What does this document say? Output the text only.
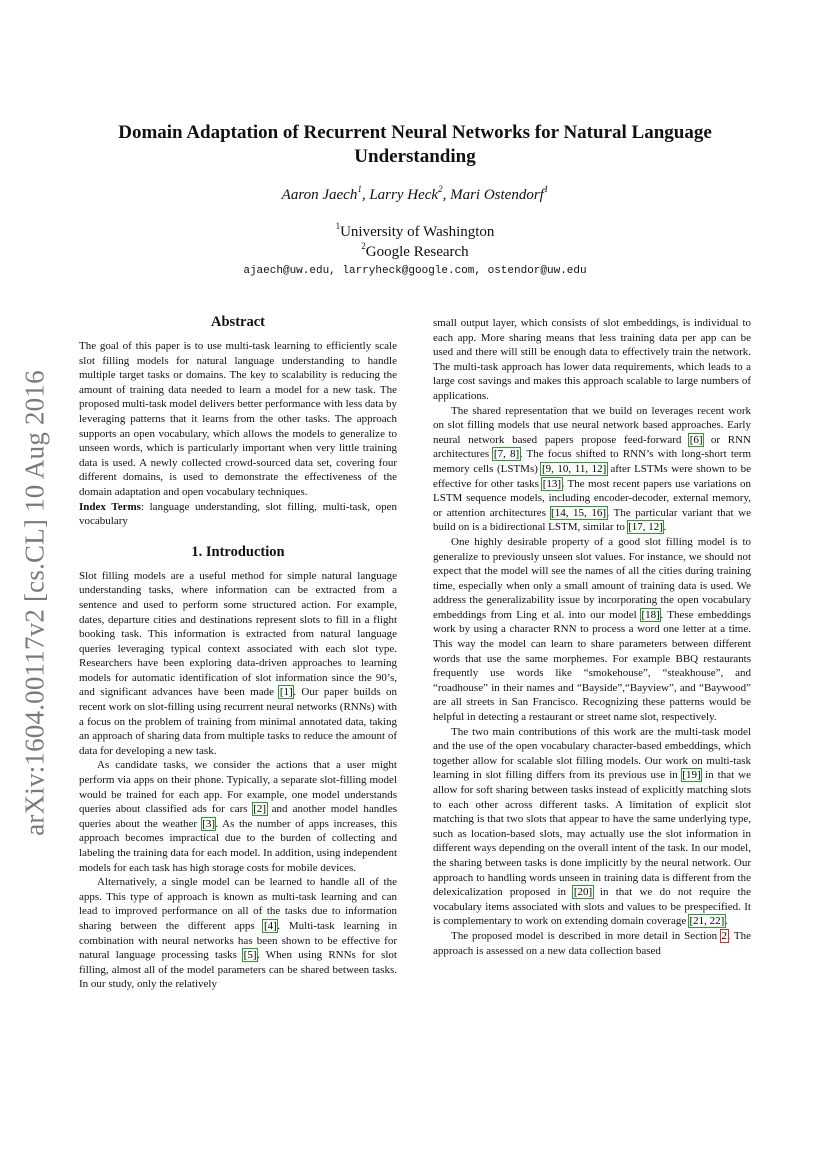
arXiv:1604.00117v2 [cs.CL] 10 Aug 2016
Domain Adaptation of Recurrent Neural Networks for Natural Language
Understanding
Aaron Jaech$^1$, Larry Heck$^2$, Mari Ostendorf$^1$
$^1$University of Washington
$^2$Google Research
ajaech@uw.edu, larryheck@google.com, ostendor@uw.edu
Abstract

The goal of this paper is to use multi-task learning to efficiently scale slot filling models for natural language understanding to handle multiple target tasks or domains. The key to scalability is reducing the amount of training data needed to learn a model for a new task. The proposed multi-task model delivers better performance with less data by leveraging patterns that it learns from the other tasks. The approach supports an open vocabulary, which allows the models to generalize to unseen words, which is particularly important when very little training data is used. A newly collected crowd-sourced data set, covering four different domains, is used to demonstrate the effectiveness of the domain adaptation and open vocabulary techniques.

Index Terms: language understanding, slot filling, multi-task, open vocabulary

1. Introduction

Slot filling models are a useful method for simple natural language understanding tasks, where information can be extracted from a sentence and used to perform some structured action. For example, dates, departure cities and destinations represent slots to fill in a flight booking task. This information is extracted from natural language queries leveraging typical context associated with each slot type. Researchers have been exploring data-driven approaches to learning models for automatic identification of slot information since the 90’s, and significant advances have been made [1]. Our paper builds on recent work on slot-filling using recurrent neural networks (RNNs) with a focus on the problem of training from minimal annotated data, taking an approach of sharing data from multiple tasks to reduce the amount of data for developing a new task.

As candidate tasks, we consider the actions that a user might perform via apps on their phone. Typically, a separate slot-filling model would be trained for each app. For example, one model understands queries about classified ads for cars [2] and another model handles queries about the weather [3]. As the number of apps increases, this approach becomes impractical due to the burden of collecting and labeling the training data for each model. In addition, using independent models for each task has high storage costs for mobile devices.

Alternatively, a single model can be learned to handle all of the apps. This type of approach is known as multi-task learning and can lead to improved performance on all of the tasks due to information sharing between the different apps [4]. Multi-task learning in combination with neural networks has been shown to be effective for natural language processing tasks [5]. When using RNNs for slot filling, almost all of the model parameters can be shared between tasks. In our study, only the relatively

small output layer, which consists of slot embeddings, is individual to each app. More sharing means that less training data per app can be used and there will still be enough data to effectively train the network. The multi-task approach has lower data requirements, which leads to a large cost savings and makes this approach scalable to large numbers of applications.

The shared representation that we build on leverages recent work on slot filling models that use neural network based approaches. Early neural network based papers propose feed-forward [6] or RNN architectures [7, 8]. The focus shifted to RNN’s with long-short term memory cells (LSTMs) [9, 10, 11, 12] after LSTMs were shown to be effective for other tasks [13]. The most recent papers use variations on LSTM sequence models, including encoder-decoder, external memory, or attention architectures [14, 15, 16]. The particular variant that we build on is a bidirectional LSTM, similar to [17, 12].

One highly desirable property of a good slot filling model is to generalize to previously unseen slot values. For instance, we should not expect that the model will see the names of all the cities during training time, especially when only a small amount of training data is used. We address the generalizability issue by incorporating the open vocabulary embeddings from Ling et al. into our model [18]. These embeddings work by using a character RNN to process a word one letter at a time. This way the model can learn to share parameters between different words that use the same morphemes. For example BBQ restaurants frequently use words like “smokehouse”, “steakhouse”, and “roadhouse” in their names and “Bayside”,“Bayview”, and “Baywood” are all streets in San Francisco. Recognizing these patterns would be helpful in detecting a restaurant or street name slot, respectively.

The two main contributions of this work are the multi-task model and the use of the open vocabulary character-based embeddings, which together allow for scalable slot filling models. Our work on multi-task learning in slot filling differs from its previous use in [19] in that we allow for soft sharing between tasks instead of explicitly matching slots to each other across different tasks. A limitation of explicit slot matching is that two slots that appear to have the same underlying type, such as location-based slots, may actually use the slot information in different ways depending on the overall intent of the task. In our model, the sharing between tasks is done implicitly by the neural network. Our approach to handling words unseen in training data is different from the delexicalization proposed in [20] in that we do not require the vocabulary items associated with slots and values to be prespecified. It is complementary to work on extending domain coverage [21, 22].

The proposed model is described in more detail in Section 2. The approach is assessed on a new data collection based
